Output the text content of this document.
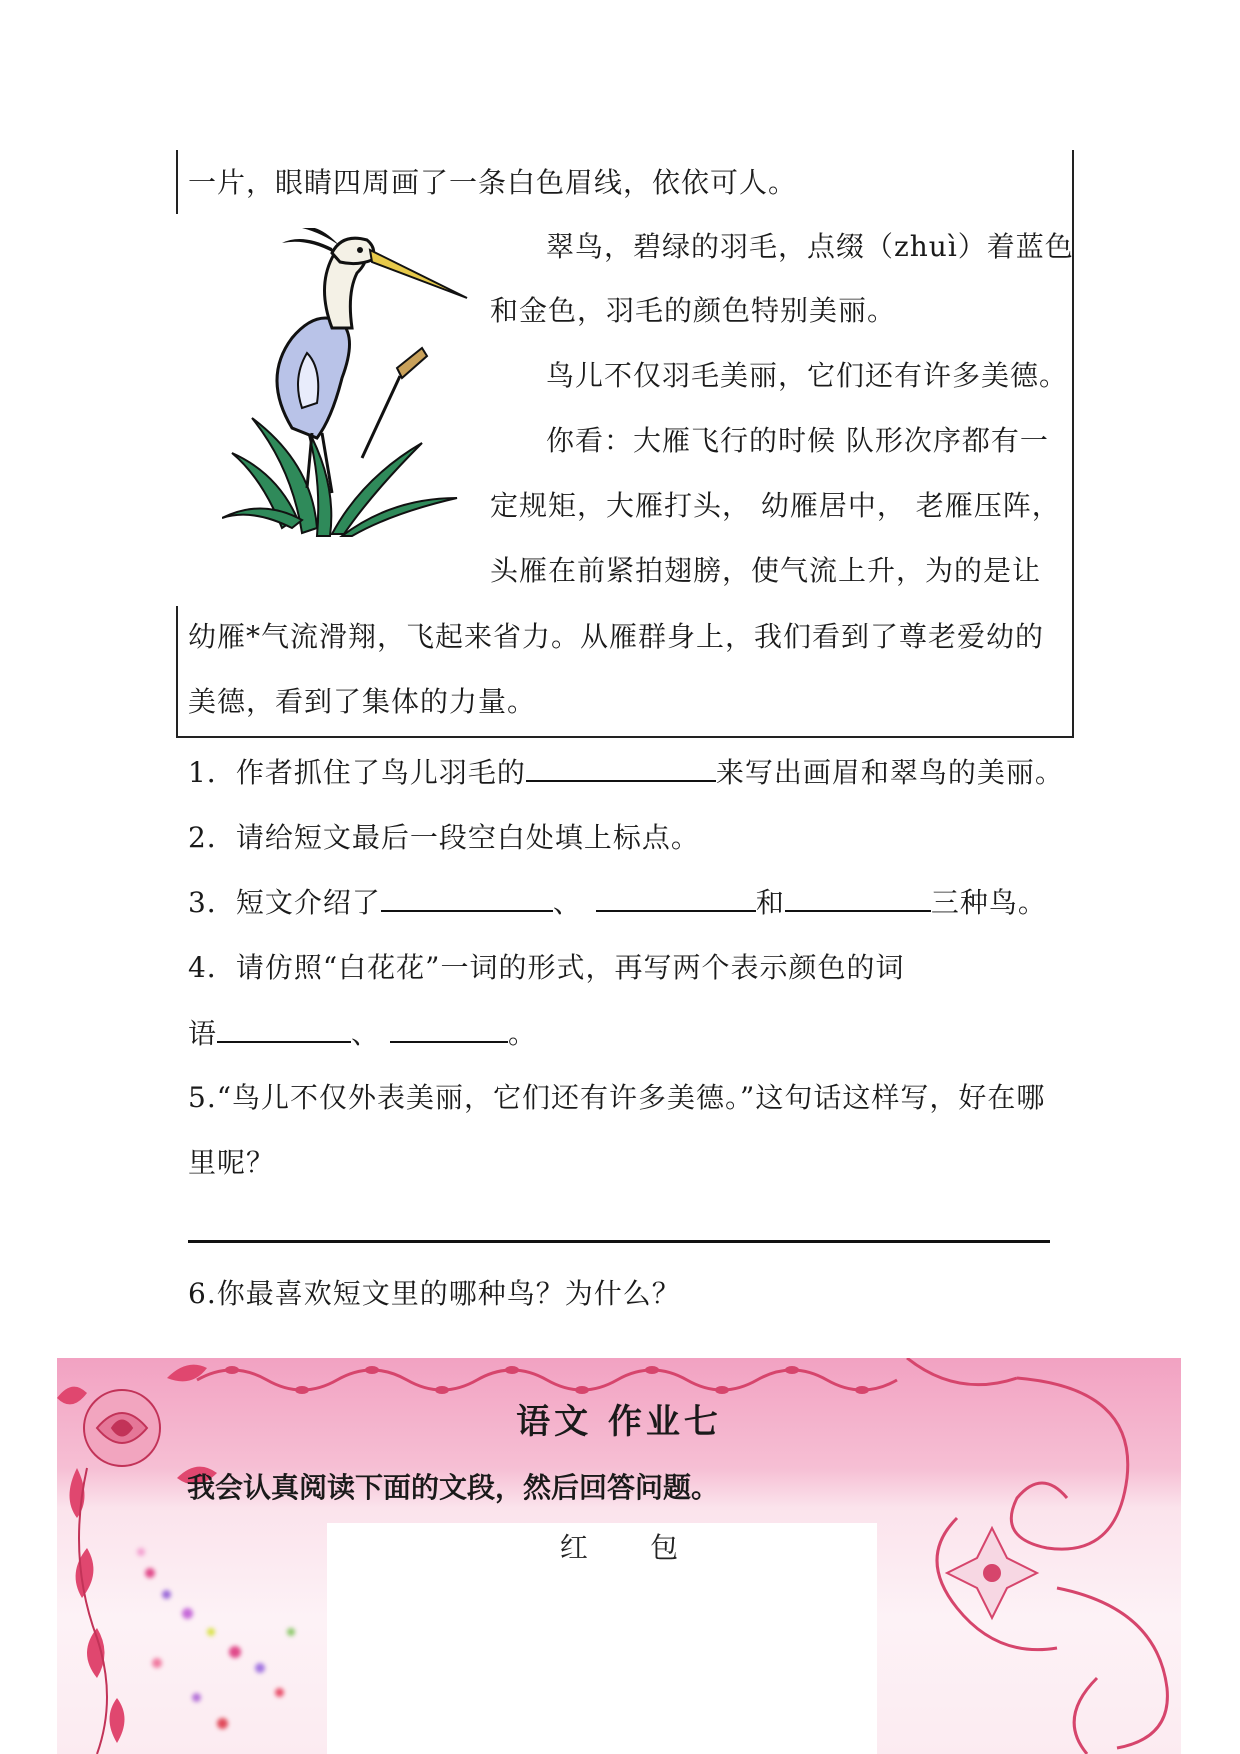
一片，眼睛四周画了一条白色眉线，依依可人。
翠鸟，碧绿的羽毛，点缀（zhuì）着蓝色
和金色，羽毛的颜色特别美丽。
鸟儿不仅羽毛美丽，它们还有许多美德。
你看：大雁飞行的时候 队形次序都有一
定规矩，大雁打头， 幼雁居中， 老雁压阵，
头雁在前紧拍翅膀，使气流上升，为的是让
幼雁*气流滑翔，飞起来省力。从雁群身上，我们看到了尊老爱幼的
美德，看到了集体的力量。
1．作者抓住了鸟儿羽毛的	来写出画眉和翠鸟的美丽。
2．请给短文最后一段空白处填上标点。
3．短文介绍了	、	和	三种鸟。
4．请仿照“白花花”一词的形式，再写两个表示颜色的词
语	、	。
5.“鸟儿不仅外表美丽，它们还有许多美德。”这句话这样写，好在哪
里呢？
6.你最喜欢短文里的哪种鸟？为什么？
语文 作业七
我会认真阅读下面的文段，然后回答问题。
红       包
